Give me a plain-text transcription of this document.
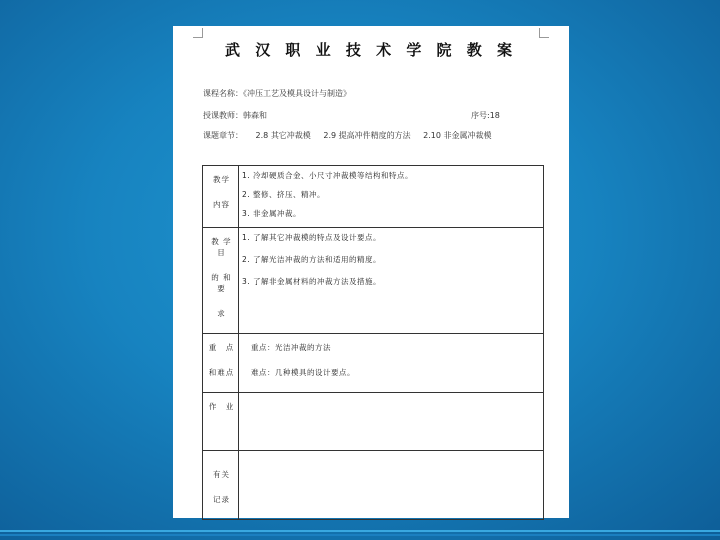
武 汉 职 业 技 术 学 院 教 案
课程名称：《冲压工艺及模具设计与制造》
授课教师：韩森和	序号:18
课题章节： 2.8 其它冲裁模 2.9 提高冲件精度的方法 2.10 非金属冲裁模
教学
内容	1. 冷却硬质合金、小尺寸冲裁模等结构和特点。
2. 整修、挤压、精冲。
3. 非金属冲裁。

教 学 目
的 和 要
求	1. 了解其它冲裁模的特点及设计要点。
2. 了解光洁冲裁的方法和适用的精度。
3. 了解非金属材料的冲裁方法及措施。

重　点
和难点	重点：光洁冲裁的方法
难点：几种模具的设计要点。

作　业	

有关
记录	
